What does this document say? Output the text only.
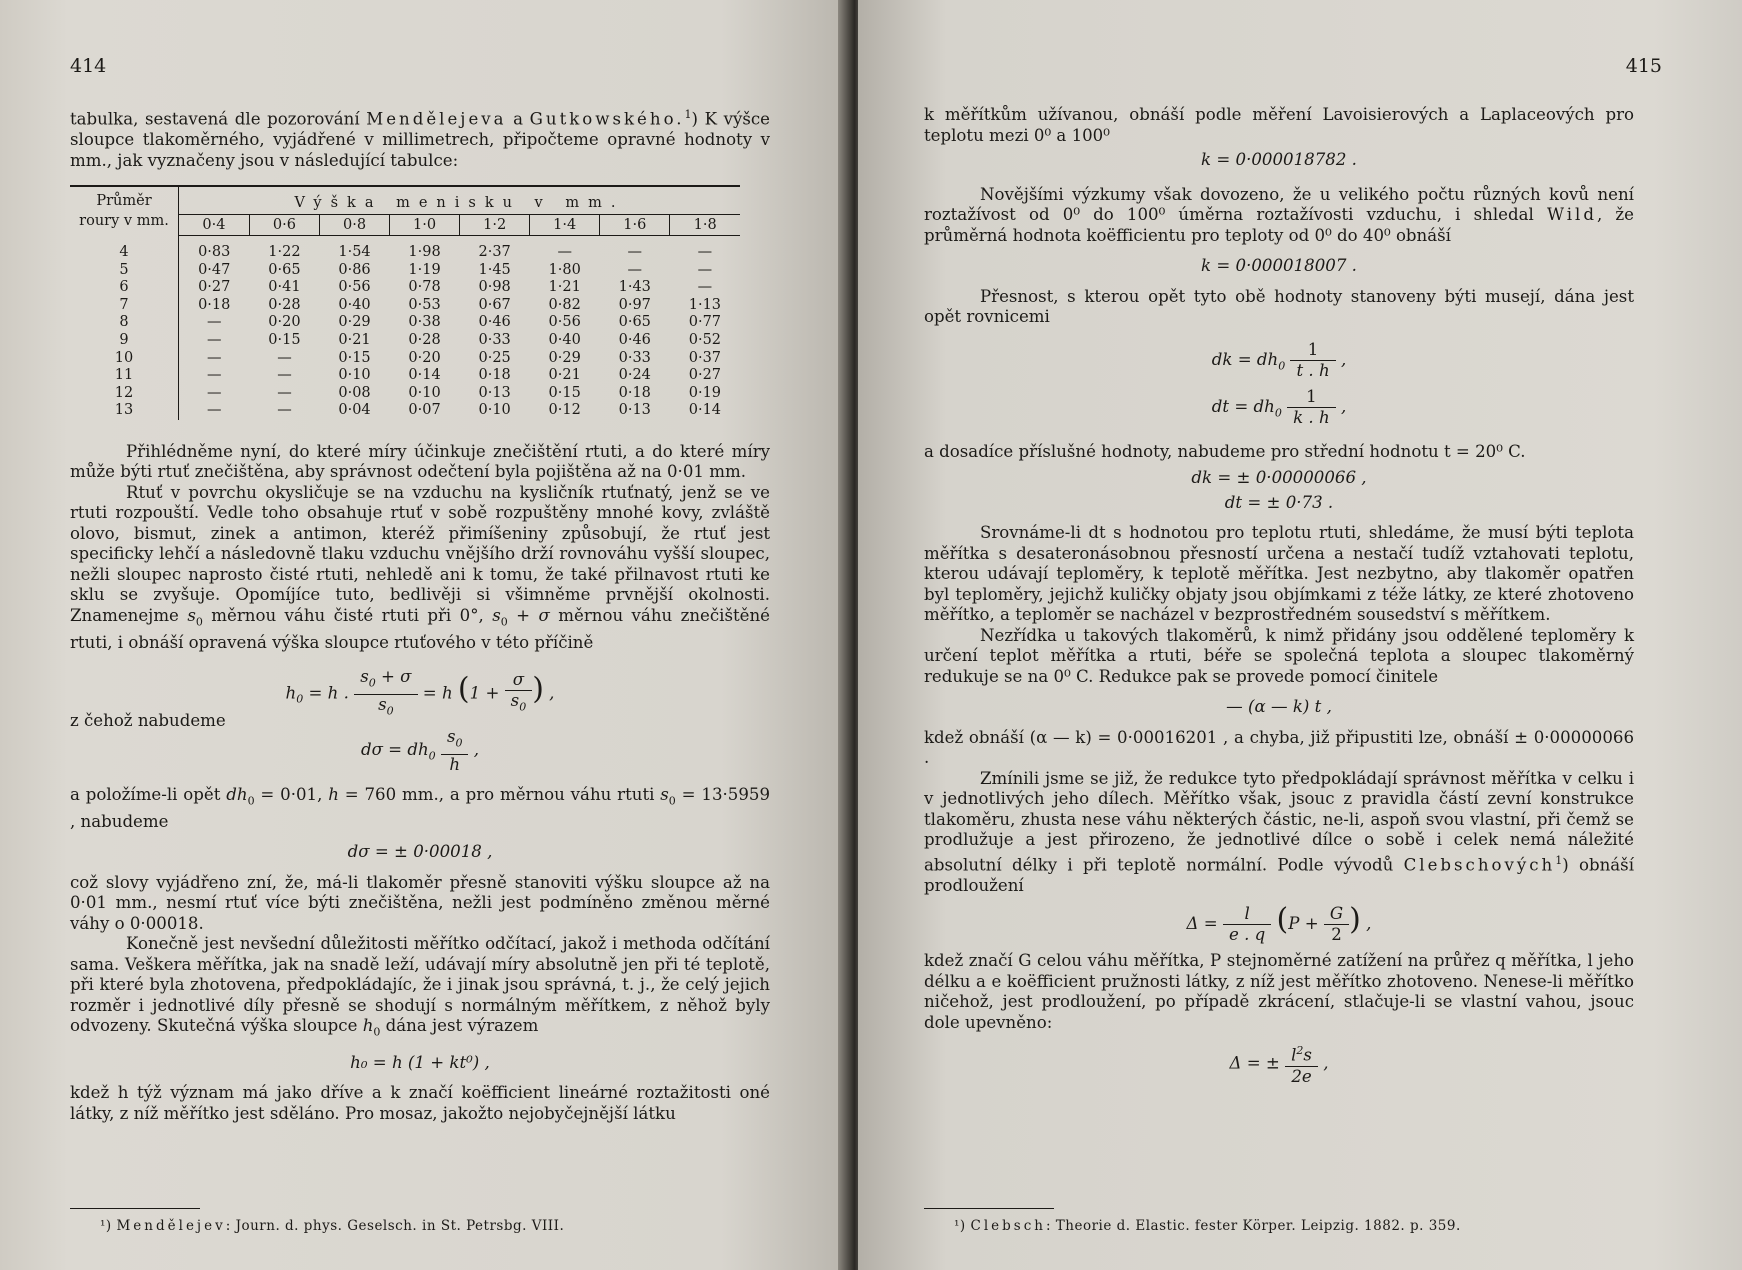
414

tabulka, sestavená dle pozorování Mendělejeva a Gutkowského.$^1$) K výšce sloupce tlakoměrného, vyjádřené v millimetrech, připočteme opravné hodnoty v mm., jak vyznačeny jsou v následující tabulce:

Průměr roury v mm.	Výška menisku v mm.							
	0·4	0·6	0·8	1·0	1·2	1·4	1·6	1·8
4	0·83	1·22	1·54	1·98	2·37	—	—	—
5	0·47	0·65	0·86	1·19	1·45	1·80	—	—
6	0·27	0·41	0·56	0·78	0·98	1·21	1·43	—
7	0·18	0·28	0·40	0·53	0·67	0·82	0·97	1·13
8	—	0·20	0·29	0·38	0·46	0·56	0·65	0·77
9	—	0·15	0·21	0·28	0·33	0·40	0·46	0·52
10	—	—	0·15	0·20	0·25	0·29	0·33	0·37
11	—	—	0·10	0·14	0·18	0·21	0·24	0·27
12	—	—	0·08	0·10	0·13	0·15	0·18	0·19
13	—	—	0·04	0·07	0·10	0·12	0·13	0·14

Přihlédněme nyní, do které míry účinkuje znečištění rtuti, a do které míry může býti rtuť znečištěna, aby správnost odečtení byla pojištěna až na 0·01 mm.

Rtuť v povrchu okysličuje se na vzduchu na kysličník rtuťnatý, jenž se ve rtuti rozpouští. Vedle toho obsahuje rtuť v sobě rozpuštěny mnohé kovy, zvláště olovo, bismut, zinek a antimon, kteréž přimíšeniny způsobují, že rtuť jest specificky lehčí a následovně tlaku vzduchu vnějšího drží rovnováhu vyšší sloupec, nežli sloupec naprosto čisté rtuti, nehledě ani k tomu, že také přilnavost rtuti ke sklu se zvyšuje. Opomíjíce tuto, bedlivěji si všimněme prvnější okolnosti. Znamenejme $s_0$ měrnou váhu čisté rtuti při 0°, $s_0 + \sigma$ měrnou váhu znečištěné rtuti, i obnáší opravená výška sloupce rtuťového v této příčině

$h_0 = h$ . $\frac{s_0 + \sigma}{s_0} = h$ ($1 + \frac{\sigma}{s_0}$ ) ,

z čehož nabudeme

$d\sigma = dh_0 \frac{s_0}{h}$ ,

a položíme-li opět $dh_0 = 0\cdot 01$, h = 760 mm., a pro měrnou váhu rtuti $s_0 = 13\cdot 5959$ , nabudeme

dσ = ± 0·00018 ,

což slovy vyjádřeno zní, že, má-li tlakoměr přesně stanoviti výšku sloupce až na 0·01 mm., nesmí rtuť více býti znečištěna, nežli jest podmíněno změnou měrné váhy o 0·00018.

Konečně jest nevšední důležitosti měřítko odčítací, jakož i methoda odčítání sama. Veškera měřítka, jak na snadě leží, udávají míry absolutně jen při té teplotě, při které byla zhotovena, předpokládajíc, že i jinak jsou správná, t. j., že celý jejich rozměr i jednotlivé díly přesně se shodují s normálným měřítkem, z něhož byly odvozeny. Skutečná výška sloupce $h_0$ dána jest výrazem

h₀ = h (1 + kt⁰) ,

kdež h týž význam má jako dříve a k značí koëfficient lineárné roztažitosti oné látky, z níž měřítko jest sděláno. Pro mosaz, jakožto nejobyčejnější látku

¹) Mendělejev: Journ. d. phys. Geselsch. in St. Petrsbg. VIII.
415

k měřítkům užívanou, obnáší podle měření Lavoisierových a Laplaceových pro teplotu mezi 0⁰ a 100⁰

k = 0·000018782 .

Novějšími výzkumy však dovozeno, že u velikého počtu různých kovů není roztažívost od 0⁰ do 100⁰ úměrna roztažívosti vzduchu, i shledal Wild, že průměrná hodnota koëfficientu pro teploty od 0⁰ do 40⁰ obnáší

k = 0·000018007 .

Přesnost, s kterou opět tyto obě hodnoty stanoveny býti musejí, dána jest opět rovnicemi

dk = $dh_0 \frac{1}{t . h}$ ,
dt = $dh_0 \frac{1}{k . h}$ ,

a dosadíce příslušné hodnoty, nabudeme pro střední hodnotu t = 20⁰ C.

dk = ± 0·00000066 ,
dt = ± 0·73 .

Srovnáme-li dt s hodnotou pro teplotu rtuti, shledáme, že musí býti teplota měřítka s desateronásobnou přesností určena a nestačí tudíž vztahovati teplotu, kterou udávají teploměry, k teplotě měřítka. Jest nezbytno, aby tlakoměr opatřen byl teploměry, jejichž kuličky objaty jsou objímkami z téže látky, ze které zhotoveno měřítko, a teploměr se nacházel v bezprostředném sousedství s měřítkem.

Nezřídka u takových tlakoměrů, k nimž přidány jsou oddělené teploměry k určení teplot měřítka a rtuti, béře se společná teplota a sloupec tlakoměrný redukuje se na 0⁰ C. Redukce pak se provede pomocí činitele

— (α — k) t ,

kdež obnáší (α — k) = 0·00016201 , a chyba, již připustiti lze, obnáší ± 0·00000066 .

Zmínili jsme se již, že redukce tyto předpokládají správnost měřítka v celku i v jednotlivých jeho dílech. Měřítko však, jsouc z pravidla částí zevní konstrukce tlakoměru, zhusta nese váhu některých částic, ne-li, aspoň svou vlastní, při čemž se prodlužuje a jest přirozeno, že jednotlivé dílce o sobě i celek nemá náležité absolutní délky i při teplotě normální. Podle vývodů Clebschových$^1$) obnáší prodloužení

$\Delta = \frac{l}{e . q} (P + \frac{G}{2}$ ) ,

kdež značí G celou váhu měřítka, P stejnoměrné zatížení na průřez q měřítka, l jeho délku a e koëfficient pružnosti látky, z níž jest měřítko zhotoveno. Nenese-li měřítko ničehož, jest prodloužení, po případě zkrácení, stlačuje-li se vlastní vahou, jsouc dole upevněno:

Δ = ± $\frac{l^2s}{2e}$ ,
¹) Clebsch: Theorie d. Elastic. fester Körper. Leipzig. 1882. p. 359.
